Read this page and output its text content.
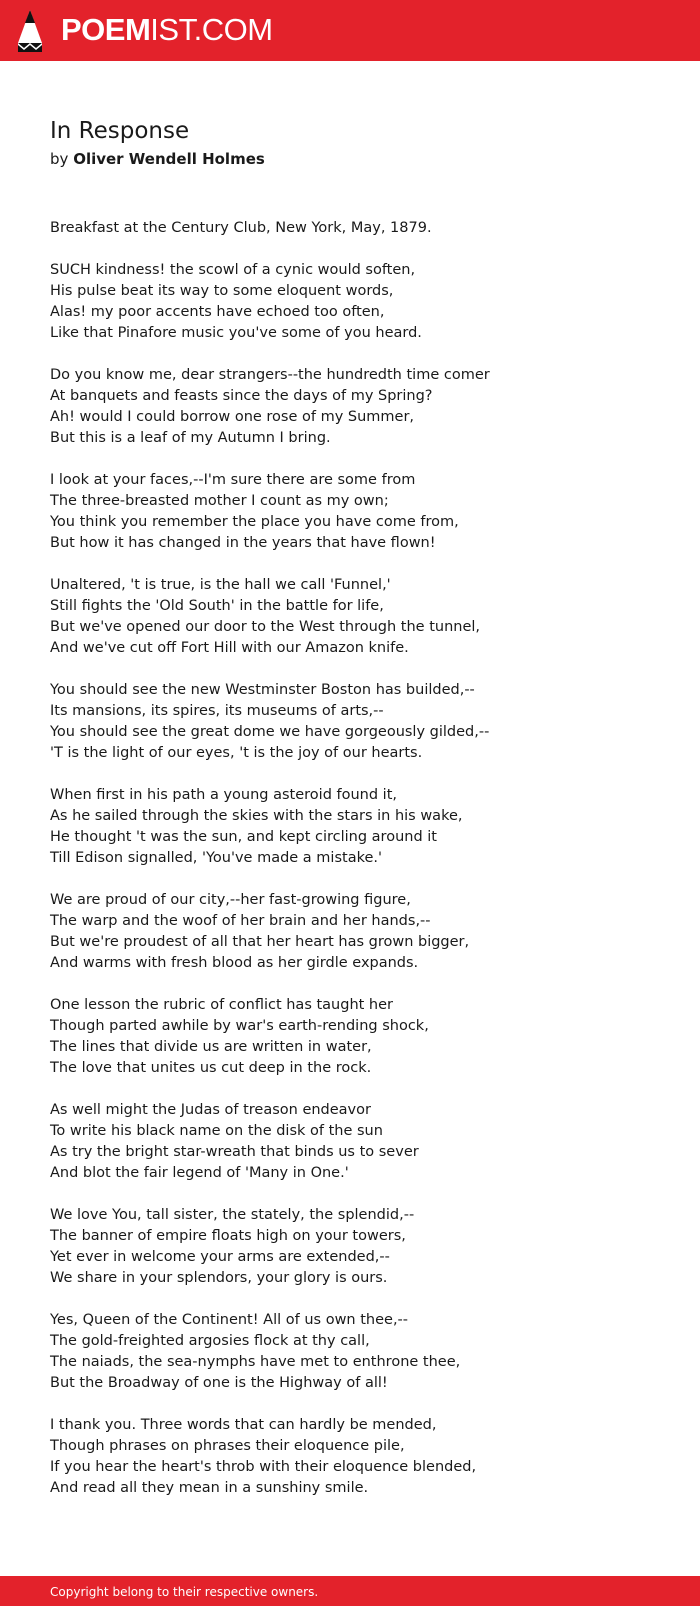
POEMIST.COM
In Response
by Oliver Wendell Holmes
Breakfast at the Century Club, New York, May, 1879.
SUCH kindness! the scowl of a cynic would soften,
His pulse beat its way to some eloquent words,
Alas! my poor accents have echoed too often,
Like that Pinafore music you've some of you heard.
Do you know me, dear strangers--the hundredth time comer
At banquets and feasts since the days of my Spring?
Ah! would I could borrow one rose of my Summer,
But this is a leaf of my Autumn I bring.
I look at your faces,--I'm sure there are some from
The three-breasted mother I count as my own;
You think you remember the place you have come from,
But how it has changed in the years that have flown!
Unaltered, 't is true, is the hall we call 'Funnel,'
Still fights the 'Old South' in the battle for life,
But we've opened our door to the West through the tunnel,
And we've cut off Fort Hill with our Amazon knife.
You should see the new Westminster Boston has builded,--
Its mansions, its spires, its museums of arts,--
You should see the great dome we have gorgeously gilded,--
'T is the light of our eyes, 't is the joy of our hearts.
When first in his path a young asteroid found it,
As he sailed through the skies with the stars in his wake,
He thought 't was the sun, and kept circling around it
Till Edison signalled, 'You've made a mistake.'
We are proud of our city,--her fast-growing figure,
The warp and the woof of her brain and her hands,--
But we're proudest of all that her heart has grown bigger,
And warms with fresh blood as her girdle expands.
One lesson the rubric of conflict has taught her
Though parted awhile by war's earth-rending shock,
The lines that divide us are written in water,
The love that unites us cut deep in the rock.
As well might the Judas of treason endeavor
To write his black name on the disk of the sun
As try the bright star-wreath that binds us to sever
And blot the fair legend of 'Many in One.'
We love You, tall sister, the stately, the splendid,--
The banner of empire floats high on your towers,
Yet ever in welcome your arms are extended,--
We share in your splendors, your glory is ours.
Yes, Queen of the Continent! All of us own thee,--
The gold-freighted argosies flock at thy call,
The naiads, the sea-nymphs have met to enthrone thee,
But the Broadway of one is the Highway of all!
I thank you. Three words that can hardly be mended,
Though phrases on phrases their eloquence pile,
If you hear the heart's throb with their eloquence blended,
And read all they mean in a sunshiny smile.
Copyright belong to their respective owners.
